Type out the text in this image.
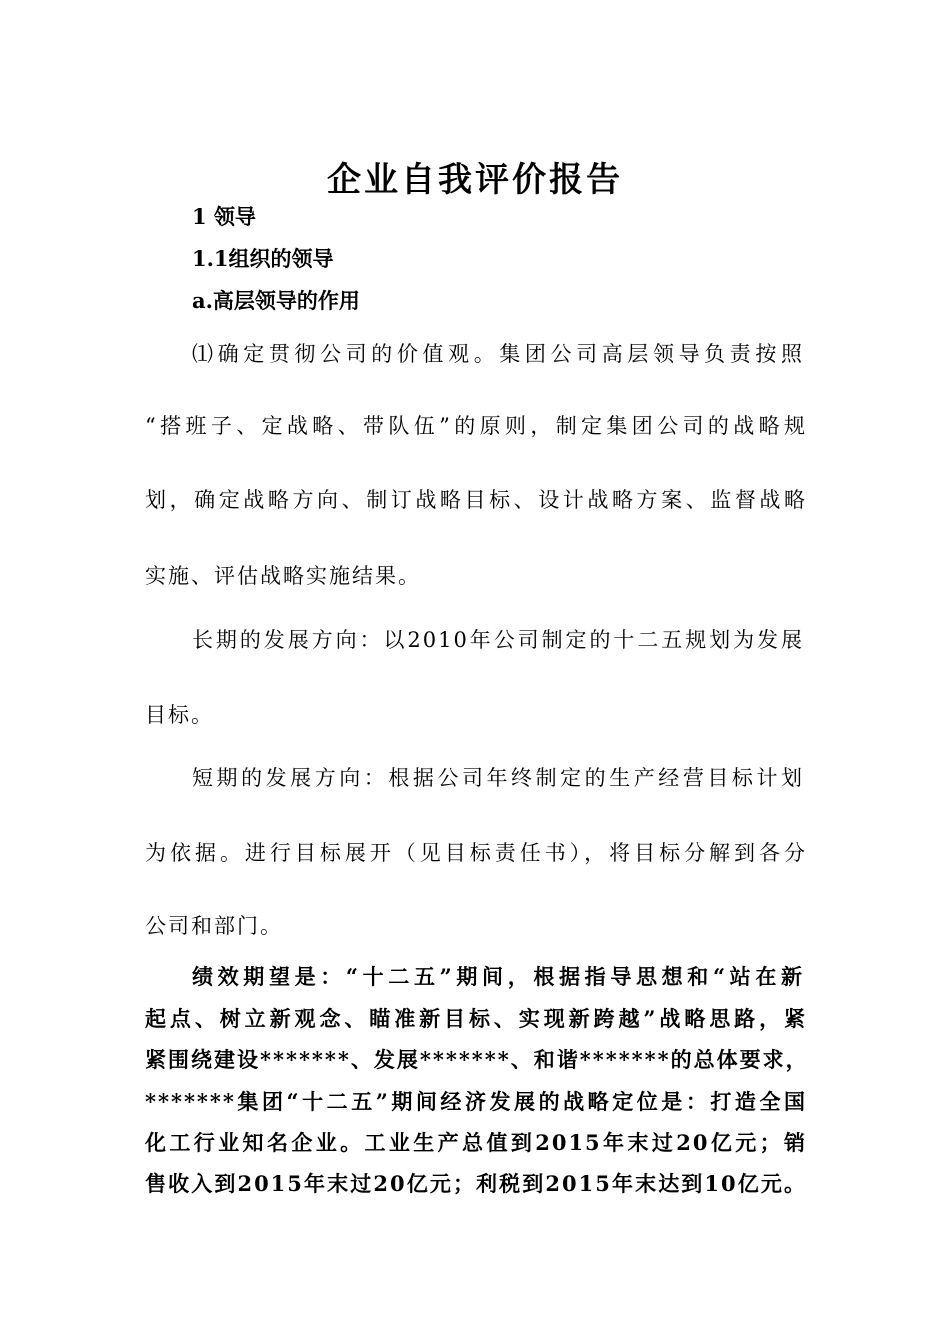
企业自我评价报告
1 领导
1.1组织的领导
a.高层领导的作用
⑴确定贯彻公司的价值观。集团公司高层领导负责按照
“搭班子、定战略、带队伍”的原则，制定集团公司的战略规
划，确定战略方向、制订战略目标、设计战略方案、监督战略
实施、评估战略实施结果。
长期的发展方向：以2010年公司制定的十二五规划为发展
目标。
短期的发展方向：根据公司年终制定的生产经营目标计划
为依据。进行目标展开（见目标责任书），将目标分解到各分
公司和部门。
绩效期望是：“十二五”期间，根据指导思想和“站在新
起点、树立新观念、瞄准新目标、实现新跨越”战略思路，紧
紧围绕建设*******、发展*******、和谐*******的总体要求，
*******集团“十二五”期间经济发展的战略定位是：打造全国
化工行业知名企业。工业生产总值到2015年末过20亿元；销
售收入到2015年末过20亿元；利税到2015年末达到10亿元。
